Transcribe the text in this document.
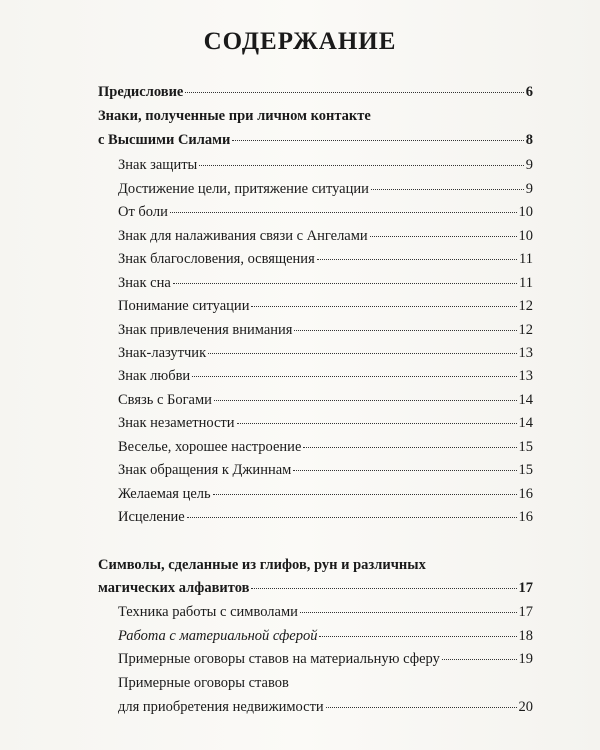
СОДЕРЖАНИЕ
Предисловие	6
Знаки, полученные при личном контакте
с Высшими Силами	8
Знак защиты	9
Достижение цели, притяжение ситуации	9
От боли	10
Знак для налаживания связи с Ангелами	10
Знак благословения, освящения	11
Знак сна	11
Понимание ситуации	12
Знак привлечения внимания	12
Знак-лазутчик	13
Знак любви	13
Связь с Богами	14
Знак незаметности	14
Веселье, хорошее настроение	15
Знак обращения к Джиннам	15
Желаемая цель	16
Исцеление	16
Символы, сделанные из глифов, рун и различных
магических алфавитов	17
Техника работы с символами	17
Работа с материальной сферой	18
Примерные оговоры ставов на материальную сферу	19
Примерные оговоры ставов
для приобретения недвижимости	20
